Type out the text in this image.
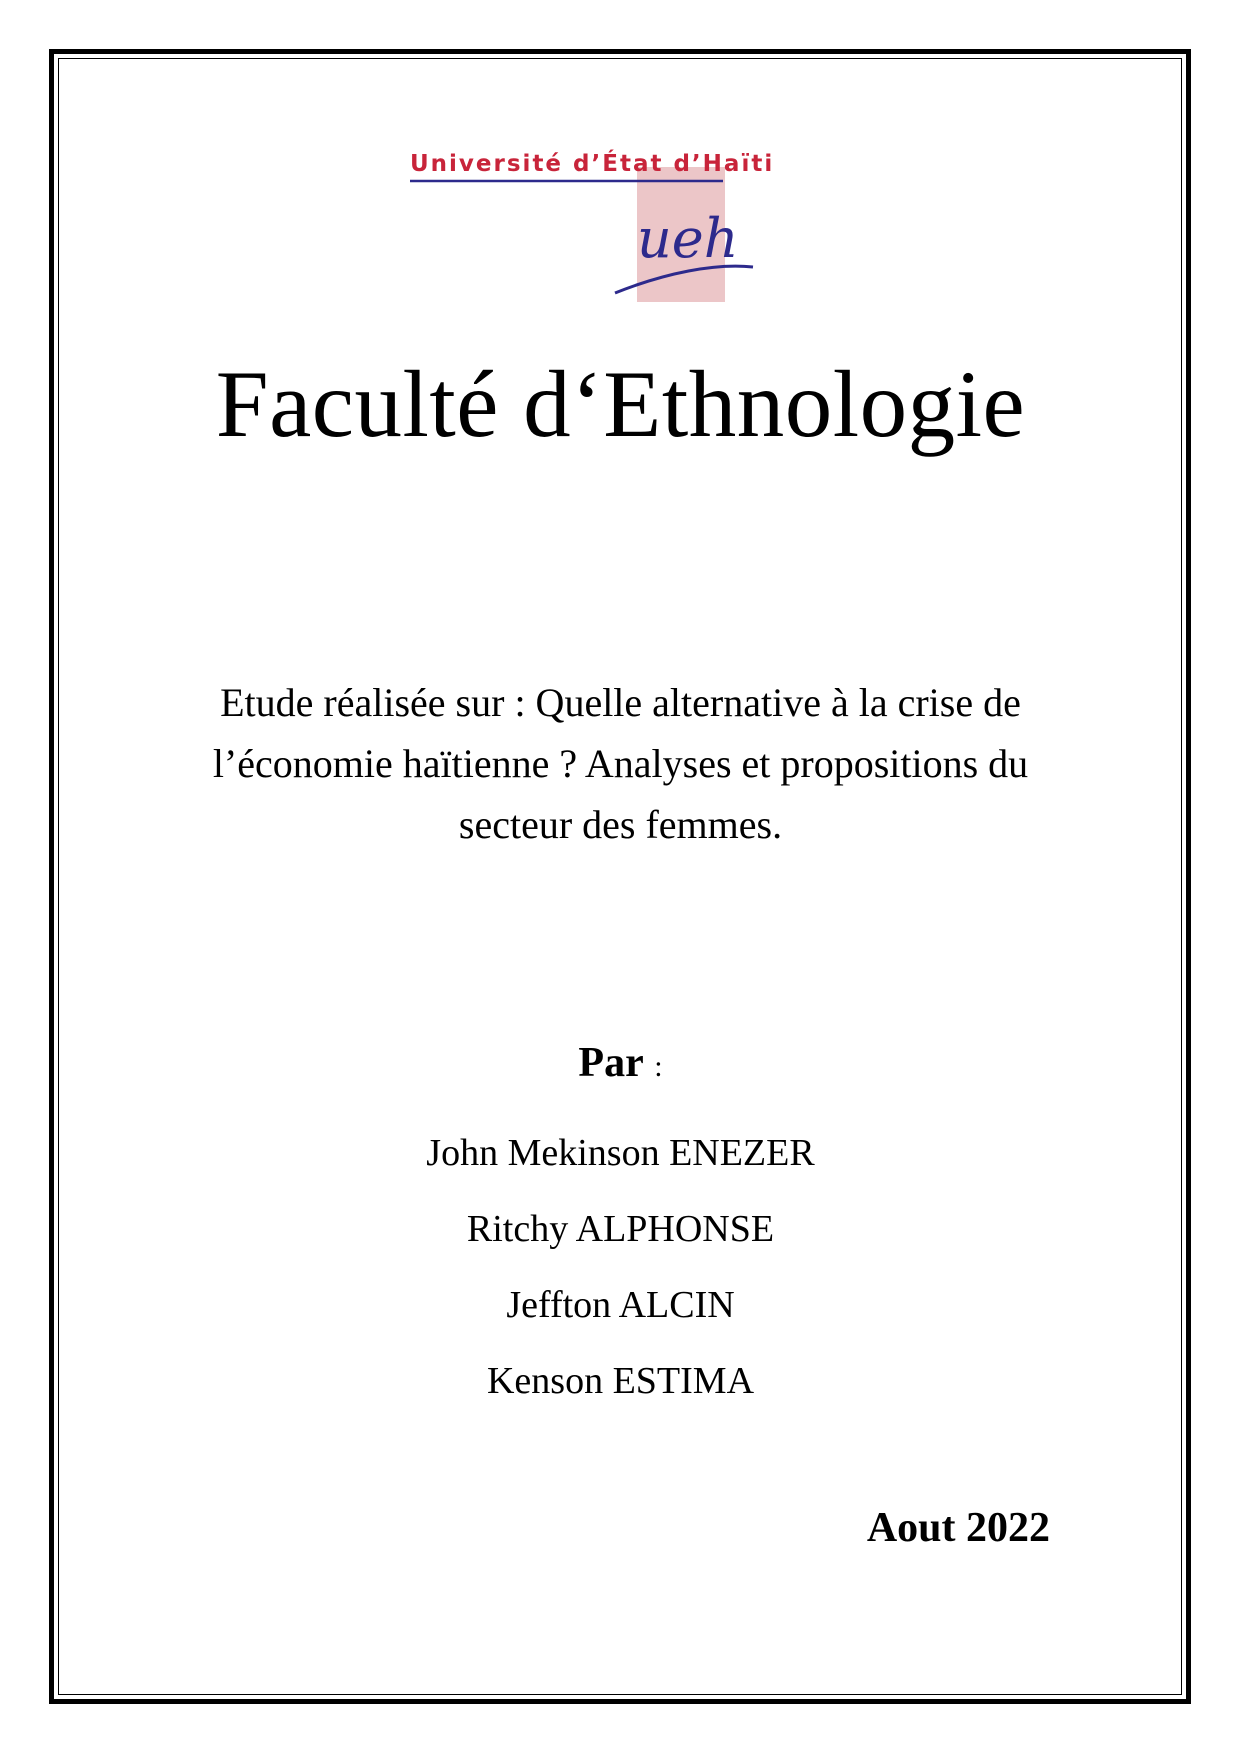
Université d’État d’Haïti
ueh
Faculté d‘Ethnologie
Etude réalisée sur : Quelle alternative à la crise de l’économie haïtienne ? Analyses et propositions du secteur des femmes.
Par :
John Mekinson ENEZER
Ritchy ALPHONSE
Jeffton ALCIN
Kenson ESTIMA
Aout 2022
